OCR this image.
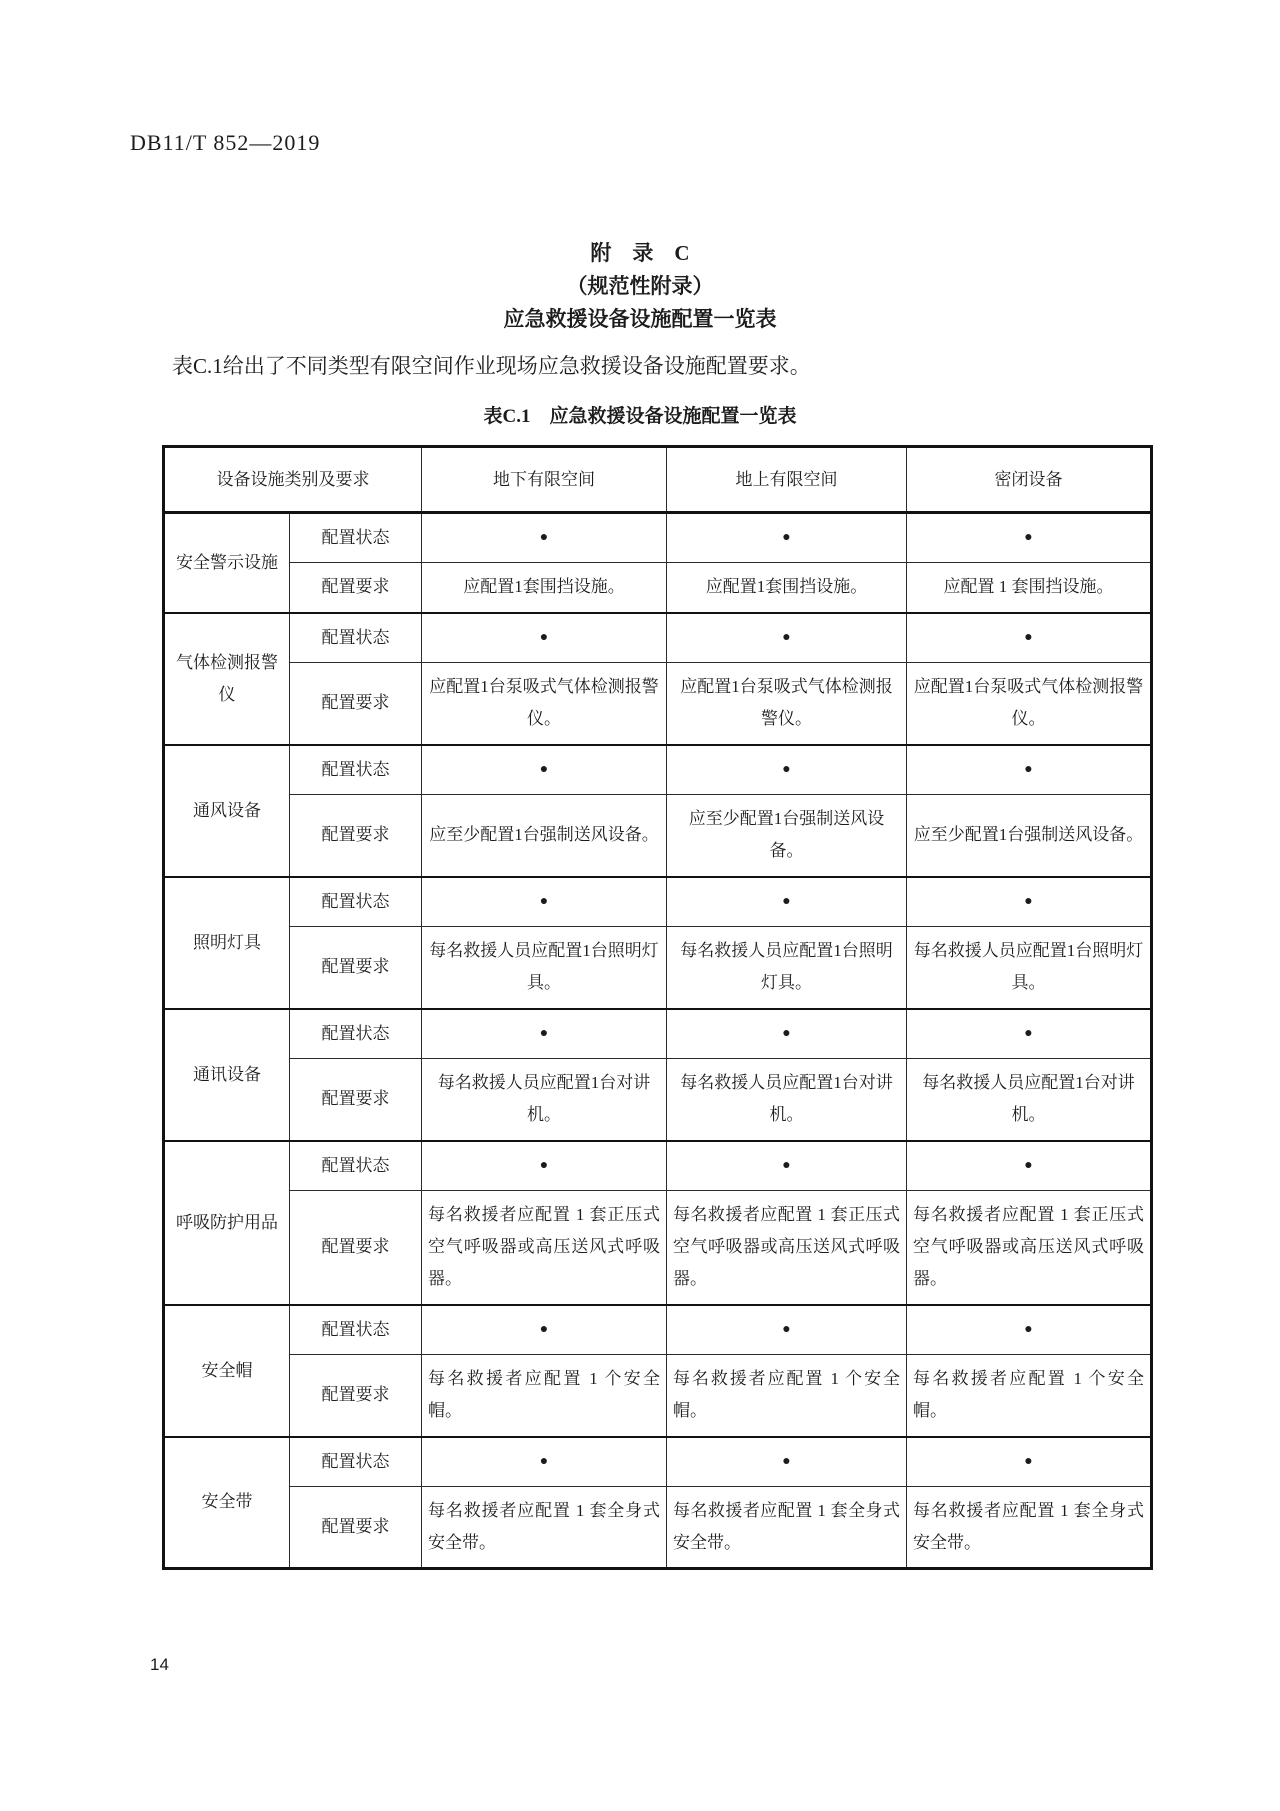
DB11/T 852—2019
附　录　C
（规范性附录）
应急救援设备设施配置一览表

表C.1给出了不同类型有限空间作业现场应急救援设备设施配置要求。

表C.1　应急救援设备设施配置一览表
设备设施类别及要求		地下有限空间	地上有限空间	密闭设备
安全警示设施	配置状态	●	●	●
	配置要求	应配置1套围挡设施。	应配置1套围挡设施。	应配置 1 套围挡设施。
气体检测报警仪	配置状态	●	●	●
	配置要求	应配置1台泵吸式气体检测报警仪。	应配置1台泵吸式气体检测报警仪。	应配置1台泵吸式气体检测报警仪。
通风设备	配置状态	●	●	●
	配置要求	应至少配置1台强制送风设备。	应至少配置1台强制送风设备。	应至少配置1台强制送风设备。
照明灯具	配置状态	●	●	●
	配置要求	每名救援人员应配置1台照明灯具。	每名救援人员应配置1台照明灯具。	每名救援人员应配置1台照明灯具。
通讯设备	配置状态	●	●	●
	配置要求	每名救援人员应配置1台对讲机。	每名救援人员应配置1台对讲机。	每名救援人员应配置1台对讲机。
呼吸防护用品	配置状态	●	●	●
	配置要求	每名救援者应配置 1 套正压式空气呼吸器或高压送风式呼吸器。	每名救援者应配置 1 套正压式空气呼吸器或高压送风式呼吸器。	每名救援者应配置 1 套正压式空气呼吸器或高压送风式呼吸器。
安全帽	配置状态	●	●	●
	配置要求	每名救援者应配置 1 个安全帽。	每名救援者应配置 1 个安全帽。	每名救援者应配置 1 个安全帽。
安全带	配置状态	●	●	●
	配置要求	每名救援者应配置 1 套全身式安全带。	每名救援者应配置 1 套全身式安全带。	每名救援者应配置 1 套全身式安全带。
14
